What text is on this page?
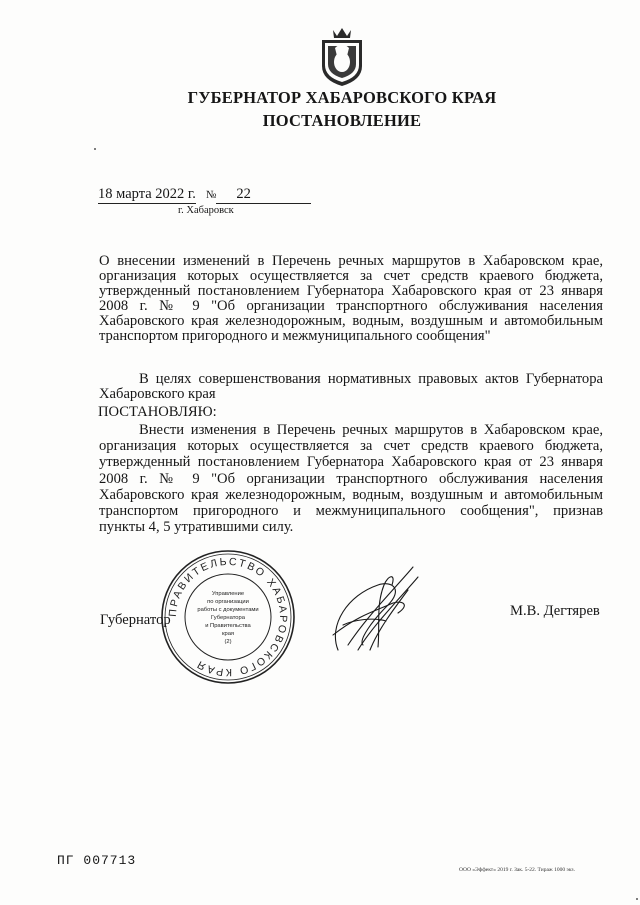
ГУБЕРНАТОР ХАБАРОВСКОГО КРАЯ
ПОСТАНОВЛЕНИЕ
18 марта 2022 г. № 22
г. Хабаровск
О внесении изменений в Перечень речных маршрутов в Хабаровском крае,
организация которых осуществляется за счет средств краевого бюджета,
утвержденный постановлением Губернатора Хабаровского края от 23 января
2008 г. № 9 "Об организации транспортного обслуживания населения
Хабаровского края железнодорожным, водным, воздушным и автомобильным
транспортом пригородного и межмуниципального сообщения"
В целях совершенствования нормативных правовых актов Губернатора
Хабаровского края
ПОСТАНОВЛЯЮ:
Внести изменения в Перечень речных маршрутов в Хабаровском крае,
организация которых осуществляется за счет средств краевого бюджета,
утвержденный постановлением Губернатора Хабаровского края от 23 января
2008 г. № 9 "Об организации транспортного обслуживания населения
Хабаровского края железнодорожным, водным, воздушным и автомобильным
транспортом пригородного и межмуниципального сообщения", признав
пункты 4, 5 утратившими силу.
ПРАВИТЕЛЬСТВО ХАБАРОВСКОГО КРАЯ
Управление
по организации
работы с документами
Губернатора
и Правительства
края
(2)
Губернатор
М.В. Дегтярев
ПГ 007713
ООО «Эффект» 2019 г. Зак. 5-22. Тираж 1000 экз.
